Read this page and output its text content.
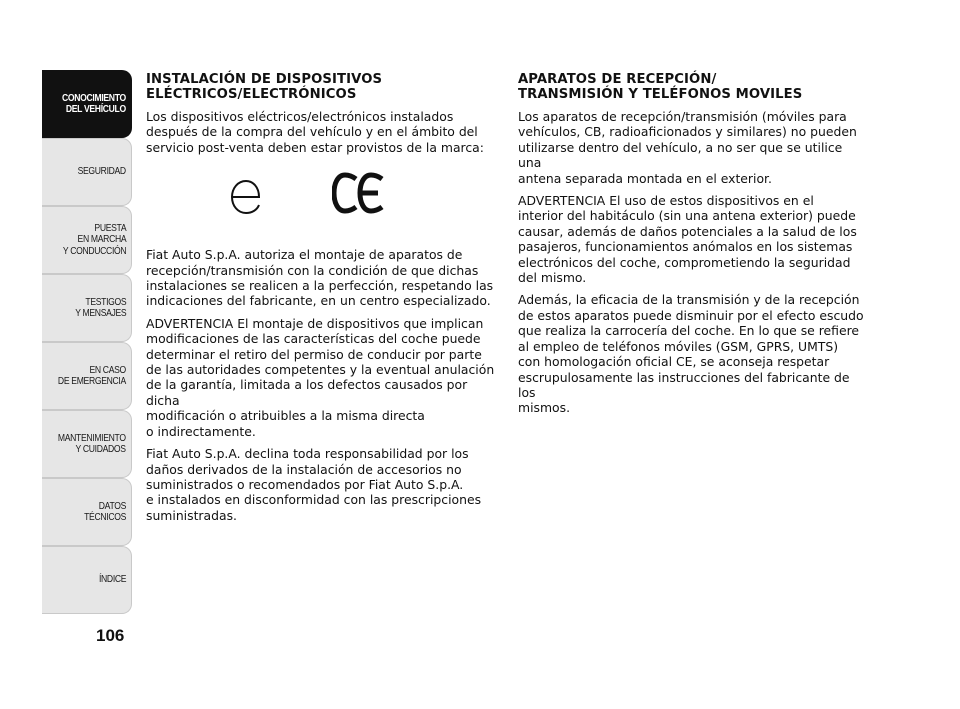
CONOCIMIENTO
DEL VEHÍCULO
SEGURIDAD
PUESTA
EN MARCHA
Y CONDUCCIÓN
TESTIGOS
Y MENSAJES
EN CASO
DE EMERGENCIA
MANTENIMIENTO
Y CUIDADOS
DATOS TÉCNICOS
ÍNDICE
106
INSTALACIÓN DE DISPOSITIVOS
ELÉCTRICOS/ELECTRÓNICOS

Los dispositivos eléctricos/electrónicos instalados
después de la compra del vehículo y en el ámbito del
servicio post-venta deben estar provistos de la marca:

Fiat Auto S.p.A. autoriza el montaje de aparatos de
recepción/transmisión con la condición de que dichas
instalaciones se realicen a la perfección, respetando las
indicaciones del fabricante, en un centro especializado.

ADVERTENCIA El montaje de dispositivos que implican
modificaciones de las características del coche puede
determinar el retiro del permiso de conducir por parte
de las autoridades competentes y la eventual anulación
de la garantía, limitada a los defectos causados por dicha
modificación o atribuibles a la misma directa
o indirectamente.

Fiat Auto S.p.A. declina toda responsabilidad por los
daños derivados de la instalación de accesorios no
suministrados o recomendados por Fiat Auto S.p.A.
e instalados en disconformidad con las prescripciones
suministradas.

APARATOS DE RECEPCIÓN/
TRANSMISIÓN Y TELÉFONOS MOVILES

Los aparatos de recepción/transmisión (móviles para
vehículos, CB, radioaficionados y similares) no pueden
utilizarse dentro del vehículo, a no ser que se utilice una
antena separada montada en el exterior.

ADVERTENCIA El uso de estos dispositivos en el
interior del habitáculo (sin una antena exterior) puede
causar, además de daños potenciales a la salud de los
pasajeros, funcionamientos anómalos en los sistemas
electrónicos del coche, comprometiendo la seguridad
del mismo.

Además, la eficacia de la transmisión y de la recepción
de estos aparatos puede disminuir por el efecto escudo
que realiza la carrocería del coche. En lo que se refiere
al empleo de teléfonos móviles (GSM, GPRS, UMTS)
con homologación oficial CE, se aconseja respetar
escrupulosamente las instrucciones del fabricante de los
mismos.
